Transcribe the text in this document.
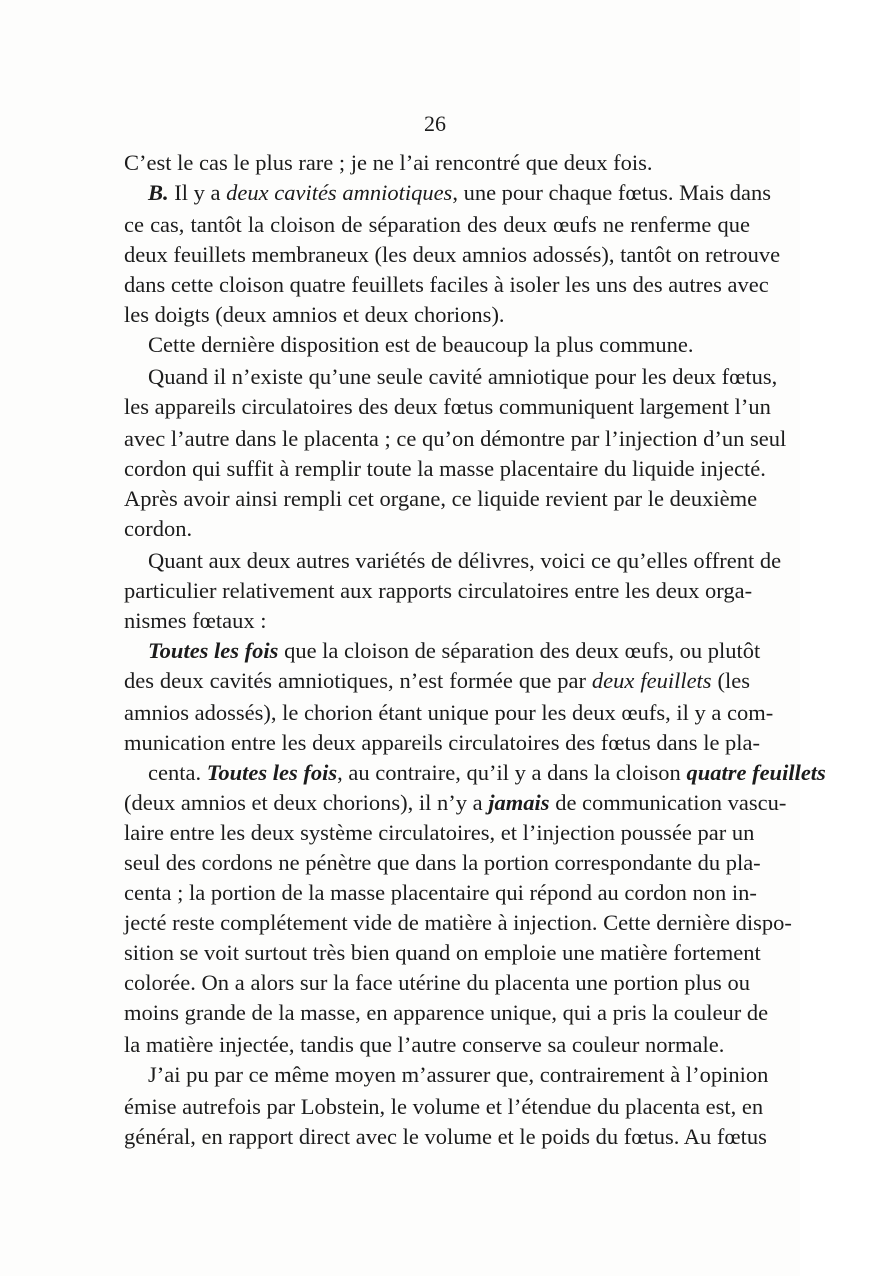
26
C’est le cas le plus rare ; je ne l’ai rencontré que deux fois.
B. Il y a deux cavités amniotiques, une pour chaque fœtus. Mais dans
ce cas, tantôt la cloison de séparation des deux œufs ne renferme que
deux feuillets membraneux (les deux amnios adossés), tantôt on retrouve
dans cette cloison quatre feuillets faciles à isoler les uns des autres avec
les doigts (deux amnios et deux chorions).
Cette dernière disposition est de beaucoup la plus commune.
Quand il n’existe qu’une seule cavité amniotique pour les deux fœtus,
les appareils circulatoires des deux fœtus communiquent largement l’un
avec l’autre dans le placenta ; ce qu’on démontre par l’injection d’un seul
cordon qui suffit à remplir toute la masse placentaire du liquide injecté.
Après avoir ainsi rempli cet organe, ce liquide revient par le deuxième
cordon.
Quant aux deux autres variétés de délivres, voici ce qu’elles offrent de
particulier relativement aux rapports circulatoires entre les deux orga-
nismes fœtaux :
Toutes les fois que la cloison de séparation des deux œufs, ou plutôt
des deux cavités amniotiques, n’est formée que par deux feuillets (les
amnios adossés), le chorion étant unique pour les deux œufs, il y a com-
munication entre les deux appareils circulatoires des fœtus dans le pla-
centa. Toutes les fois, au contraire, qu’il y a dans la cloison quatre feuillets
(deux amnios et deux chorions), il n’y a jamais de communication vascu-
laire entre les deux système circulatoires, et l’injection poussée par un
seul des cordons ne pénètre que dans la portion correspondante du pla-
centa ; la portion de la masse placentaire qui répond au cordon non in-
jecté reste complétement vide de matière à injection. Cette dernière dispo-
sition se voit surtout très bien quand on emploie une matière fortement
colorée. On a alors sur la face utérine du placenta une portion plus ou
moins grande de la masse, en apparence unique, qui a pris la couleur de
la matière injectée, tandis que l’autre conserve sa couleur normale.
J’ai pu par ce même moyen m’assurer que, contrairement à l’opinion
émise autrefois par Lobstein, le volume et l’étendue du placenta est, en
général, en rapport direct avec le volume et le poids du fœtus. Au fœtus
